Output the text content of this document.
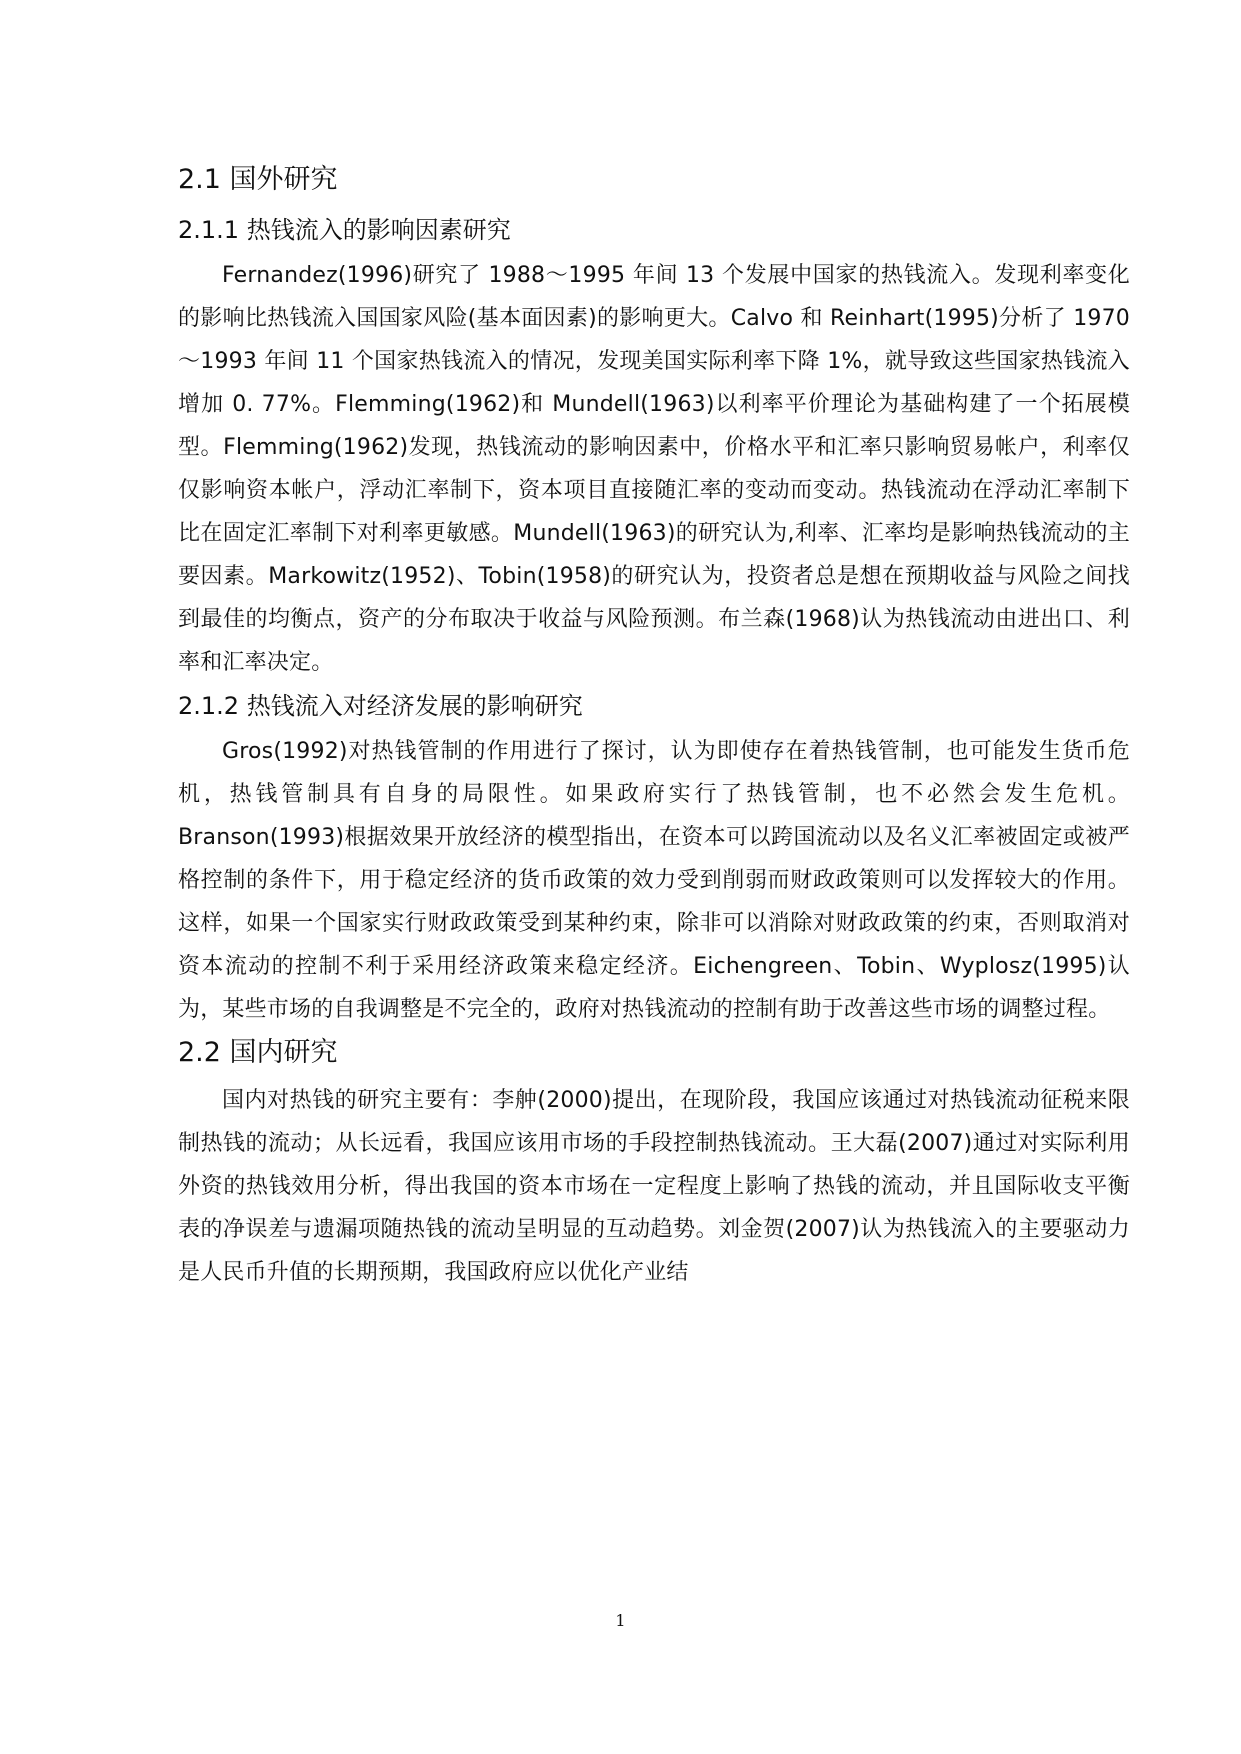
2.1 国外研究
2.1.1 热钱流入的影响因素研究

Fernandez(1996)研究了 1988～1995 年间 13 个发展中国家的热钱流入。发现利率变化的影响比热钱流入国国家风险(基本面因素)的影响更大。Calvo 和 Reinhart(1995)分析了 1970～1993 年间 11 个国家热钱流入的情况，发现美国实际利率下降 1%，就导致这些国家热钱流入增加 0. 77%。Flemming(1962)和 Mundell(1963)以利率平价理论为基础构建了一个拓展模型。Flemming(1962)发现，热钱流动的影响因素中，价格水平和汇率只影响贸易帐户，利率仅仅影响资本帐户，浮动汇率制下，资本项目直接随汇率的变动而变动。热钱流动在浮动汇率制下比在固定汇率制下对利率更敏感。Mundell(1963)的研究认为,利率、汇率均是影响热钱流动的主要因素。Markowitz(1952)、Tobin(1958)的研究认为，投资者总是想在预期收益与风险之间找到最佳的均衡点，资产的分布取决于收益与风险预测。布兰森(1968)认为热钱流动由进出口、利率和汇率决定。

2.1.2 热钱流入对经济发展的影响研究

Gros(1992)对热钱管制的作用进行了探讨，认为即使存在着热钱管制，也可能发生货币危机，热钱管制具有自身的局限性。如果政府实行了热钱管制，也不必然会发生危机。Branson(1993)根据效果开放经济的模型指出，在资本可以跨国流动以及名义汇率被固定或被严格控制的条件下，用于稳定经济的货币政策的效力受到削弱而财政政策则可以发挥较大的作用。这样，如果一个国家实行财政政策受到某种约束，除非可以消除对财政政策的约束，否则取消对资本流动的控制不利于采用经济政策来稳定经济。Eichengreen、Tobin、Wyplosz(1995)认为，某些市场的自我调整是不完全的，政府对热钱流动的控制有助于改善这些市场的调整过程。

2.2 国内研究

国内对热钱的研究主要有：李舯(2000)提出，在现阶段，我国应该通过对热钱流动征税来限制热钱的流动；从长远看，我国应该用市场的手段控制热钱流动。王大磊(2007)通过对实际利用外资的热钱效用分析，得出我国的资本市场在一定程度上影响了热钱的流动，并且国际收支平衡表的净误差与遗漏项随热钱的流动呈明显的互动趋势。刘金贺(2007)认为热钱流入的主要驱动力是人民币升值的长期预期，我国政府应以优化产业结

1
